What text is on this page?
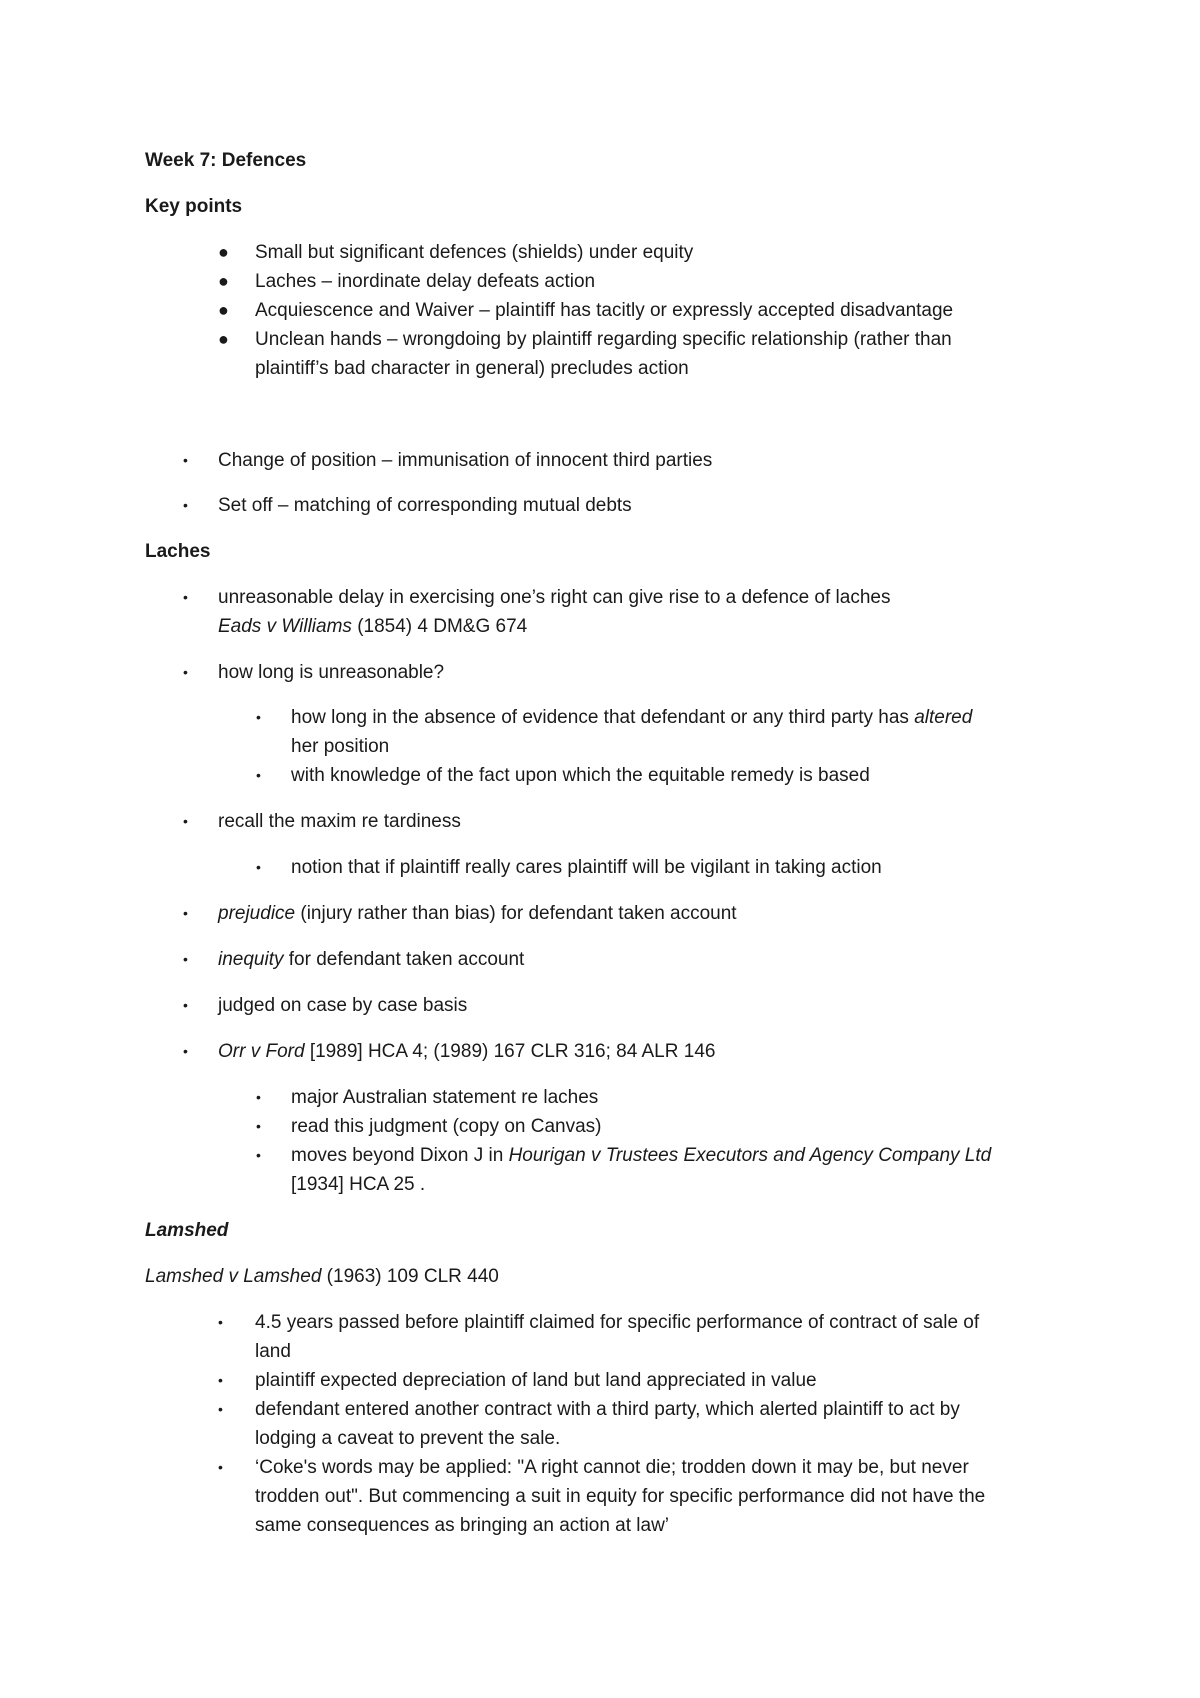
Week 7: Defences
Key points
● Small but significant defences (shields) under equity
● Laches – inordinate delay defeats action
● Acquiescence and Waiver – plaintiff has tacitly or expressly accepted disadvantage
● Unclean hands – wrongdoing by plaintiff regarding specific relationship (rather than
plaintiff’s bad character in general) precludes action
• Change of position – immunisation of innocent third parties
• Set off – matching of corresponding mutual debts
Laches
• unreasonable delay in exercising one’s right can give rise to a defence of laches
Eads v Williams (1854) 4 DM&G 674
• how long is unreasonable?
• how long in the absence of evidence that defendant or any third party has altered
her position
• with knowledge of the fact upon which the equitable remedy is based
• recall the maxim re tardiness
• notion that if plaintiff really cares plaintiff will be vigilant in taking action
• prejudice (injury rather than bias) for defendant taken account
• inequity for defendant taken account
• judged on case by case basis
• Orr v Ford [1989] HCA 4; (1989) 167 CLR 316; 84 ALR 146
• major Australian statement re laches
• read this judgment (copy on Canvas)
• moves beyond Dixon J in Hourigan v Trustees Executors and Agency Company Ltd
[1934] HCA 25 .
Lamshed
Lamshed v Lamshed (1963) 109 CLR 440
• 4.5 years passed before plaintiff claimed for specific performance of contract of sale of
land
• plaintiff expected depreciation of land but land appreciated in value
• defendant entered another contract with a third party, which alerted plaintiff to act by
lodging a caveat to prevent the sale.
• ‘Coke's words may be applied: "A right cannot die; trodden down it may be, but never
trodden out". But commencing a suit in equity for specific performance did not have the
same consequences as bringing an action at law’
